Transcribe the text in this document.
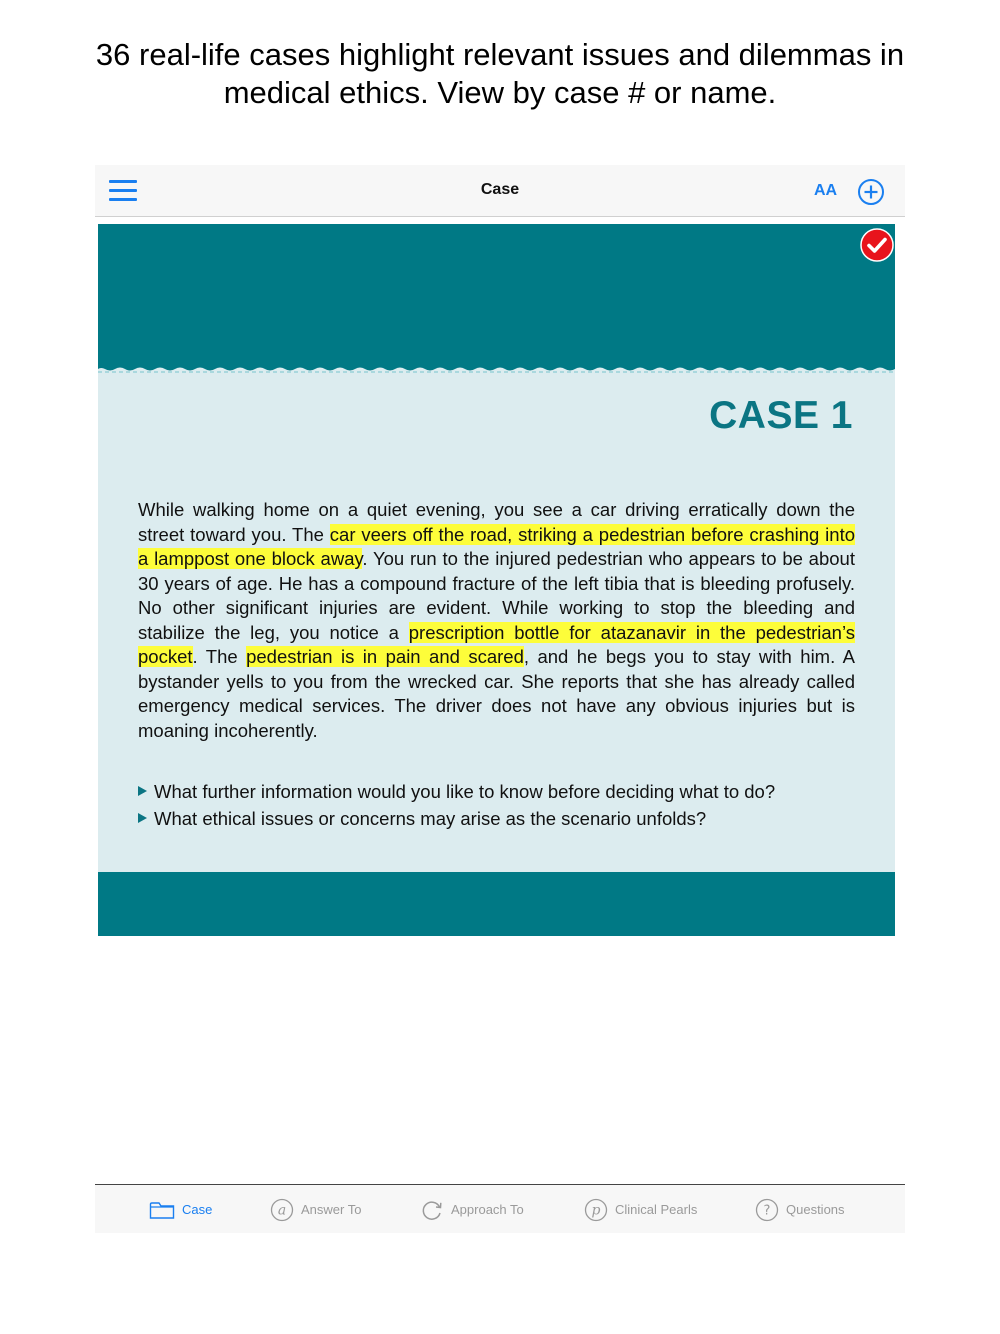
36 real-life cases highlight relevant issues and dilemmas in
medical ethics. View by case # or name.
Case	AA
CASE 1

While walking home on a quiet evening, you see a car driving erratically down the street toward you. The car veers off the road, striking a pedestrian before crashing into a lamppost one block away. You run to the injured pedestrian who appears to be about 30 years of age. He has a compound fracture of the left tibia that is bleeding profusely. No other significant injuries are evident. While working to stop the bleeding and stabilize the leg, you notice a prescription bottle for atazanavir in the pedestrian’s pocket. The pedestrian is in pain and scared, and he begs you to stay with him. A bystander yells to you from the wrecked car. She reports that she has already called emergency medical services. The driver does not have any obvious injuries but is moaning incoherently.

What further information would you like to know before deciding what to do?
What ethical issues or concerns may arise as the scenario unfolds?
Case	a Answer To	Approach To	p Clinical Pearls	? Questions
